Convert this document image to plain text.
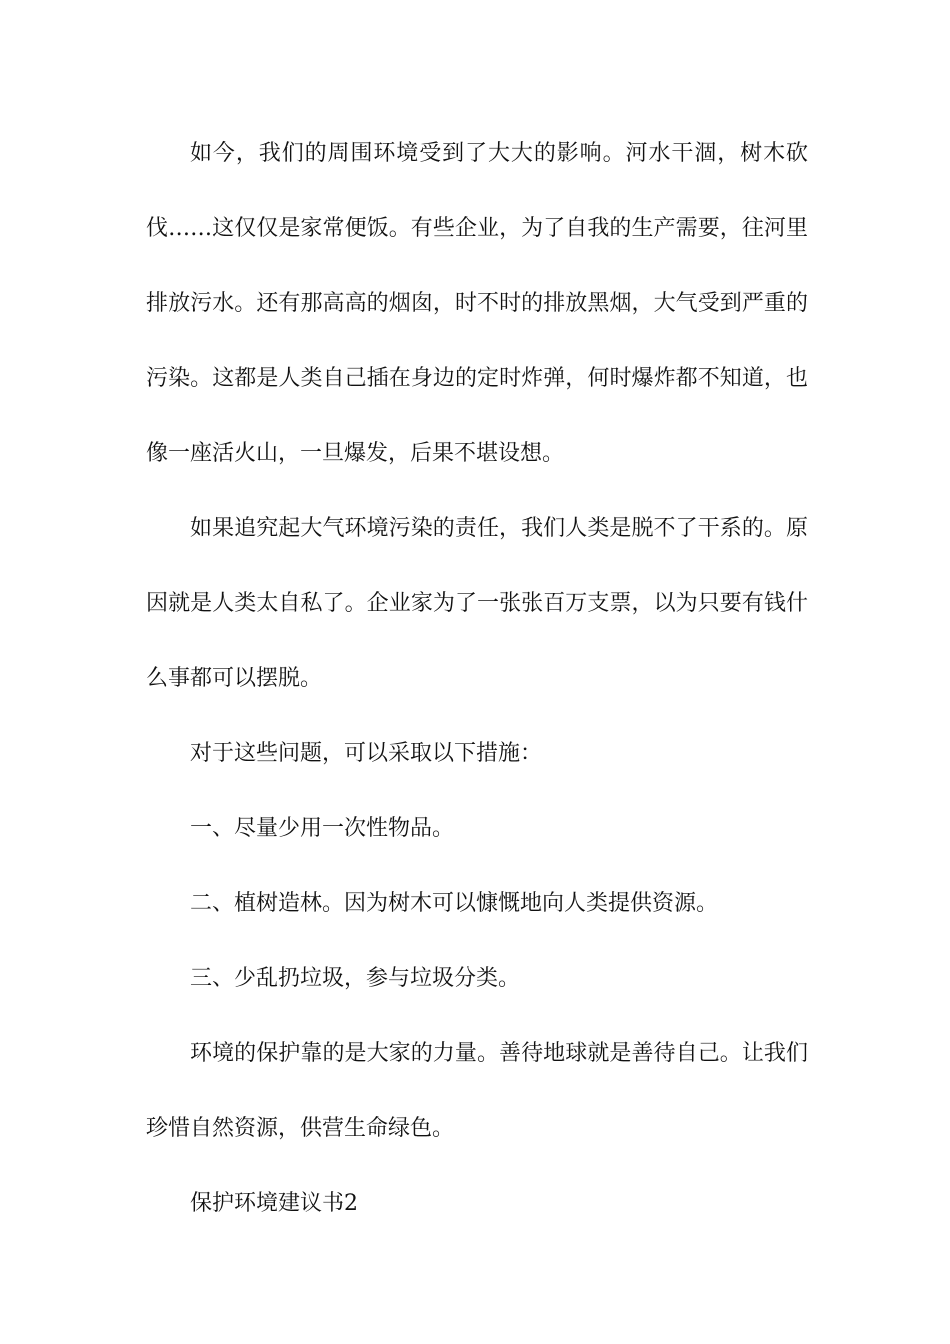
如今，我们的周围环境受到了大大的影响。河水干涸，树木砍伐……这仅仅是家常便饭。有些企业，为了自我的生产需要，往河里排放污水。还有那高高的烟囱，时不时的排放黑烟，大气受到严重的污染。这都是人类自己插在身边的定时炸弹，何时爆炸都不知道，也像一座活火山，一旦爆发，后果不堪设想。

如果追究起大气环境污染的责任，我们人类是脱不了干系的。原因就是人类太自私了。企业家为了一张张百万支票，以为只要有钱什么事都可以摆脱。

对于这些问题，可以采取以下措施：

一、尽量少用一次性物品。

二、植树造林。因为树木可以慷慨地向人类提供资源。

三、少乱扔垃圾，参与垃圾分类。

环境的保护靠的是大家的力量。善待地球就是善待自己。让我们珍惜自然资源，供营生命绿色。

保护环境建议书2
